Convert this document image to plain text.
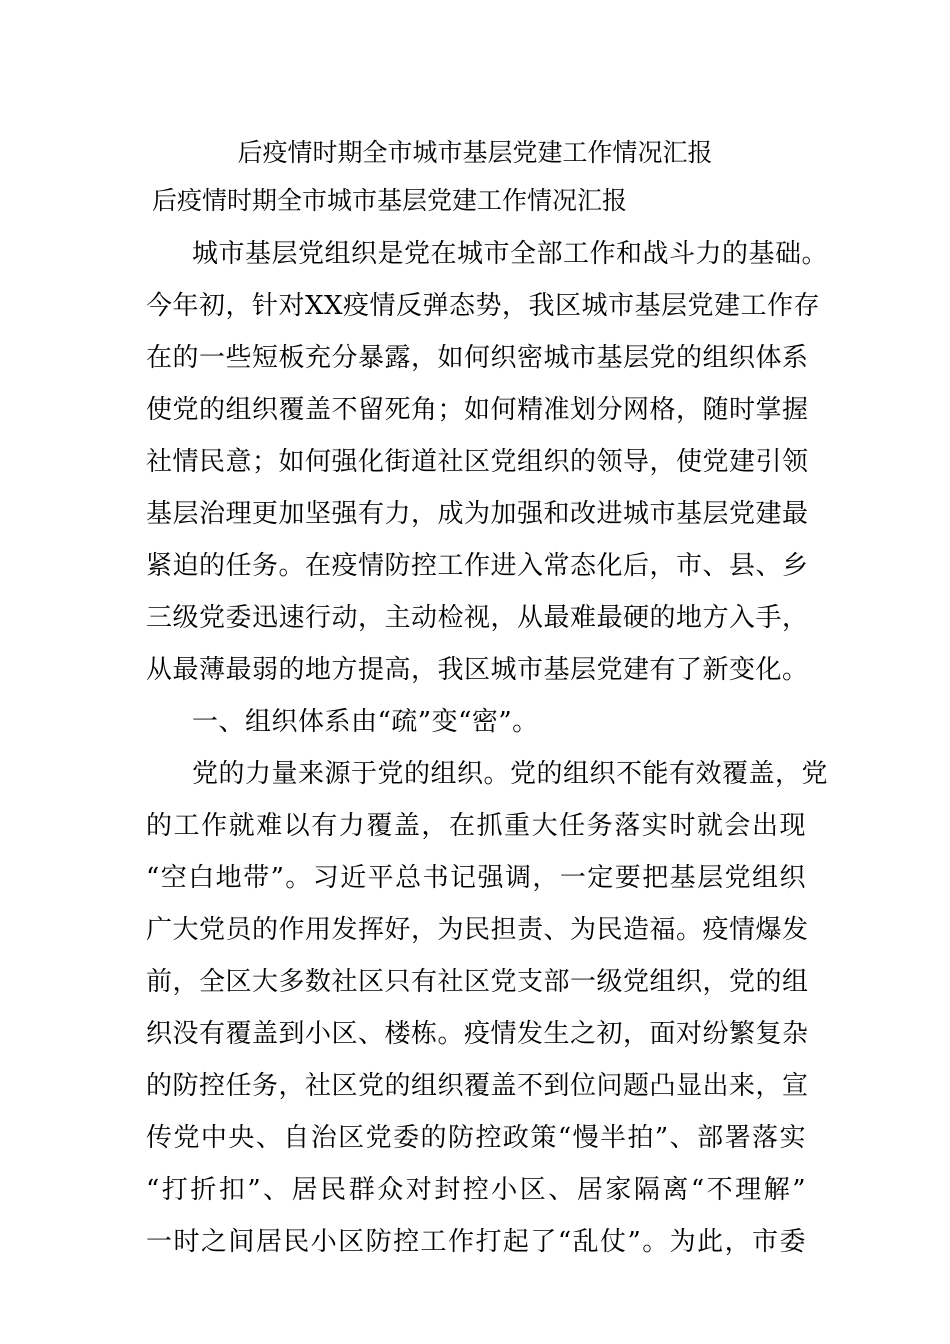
后疫情时期全市城市基层党建工作情况汇报
后疫情时期全市城市基层党建工作情况汇报
城市基层党组织是党在城市全部工作和战斗力的基础。
今年初，针对XX疫情反弹态势，我区城市基层党建工作存
在的一些短板充分暴露，如何织密城市基层党的组织体系
使党的组织覆盖不留死角；如何精准划分网格，随时掌握
社情民意；如何强化街道社区党组织的领导，使党建引领
基层治理更加坚强有力，成为加强和改进城市基层党建最
紧迫的任务。在疫情防控工作进入常态化后，市、县、乡
三级党委迅速行动，主动检视，从最难最硬的地方入手，
从最薄最弱的地方提高，我区城市基层党建有了新变化。
一、组织体系由“疏”变“密”。
党的力量来源于党的组织。党的组织不能有效覆盖，党
的工作就难以有力覆盖，在抓重大任务落实时就会出现
“空白地带”。习近平总书记强调，一定要把基层党组织
广大党员的作用发挥好，为民担责、为民造福。疫情爆发
前，全区大多数社区只有社区党支部一级党组织，党的组
织没有覆盖到小区、楼栋。疫情发生之初，面对纷繁复杂
的防控任务，社区党的组织覆盖不到位问题凸显出来，宣
传党中央、自治区党委的防控政策“慢半拍”、部署落实
“打折扣”、居民群众对封控小区、居家隔离“不理解”
一时之间居民小区防控工作打起了“乱仗”。为此，市委
